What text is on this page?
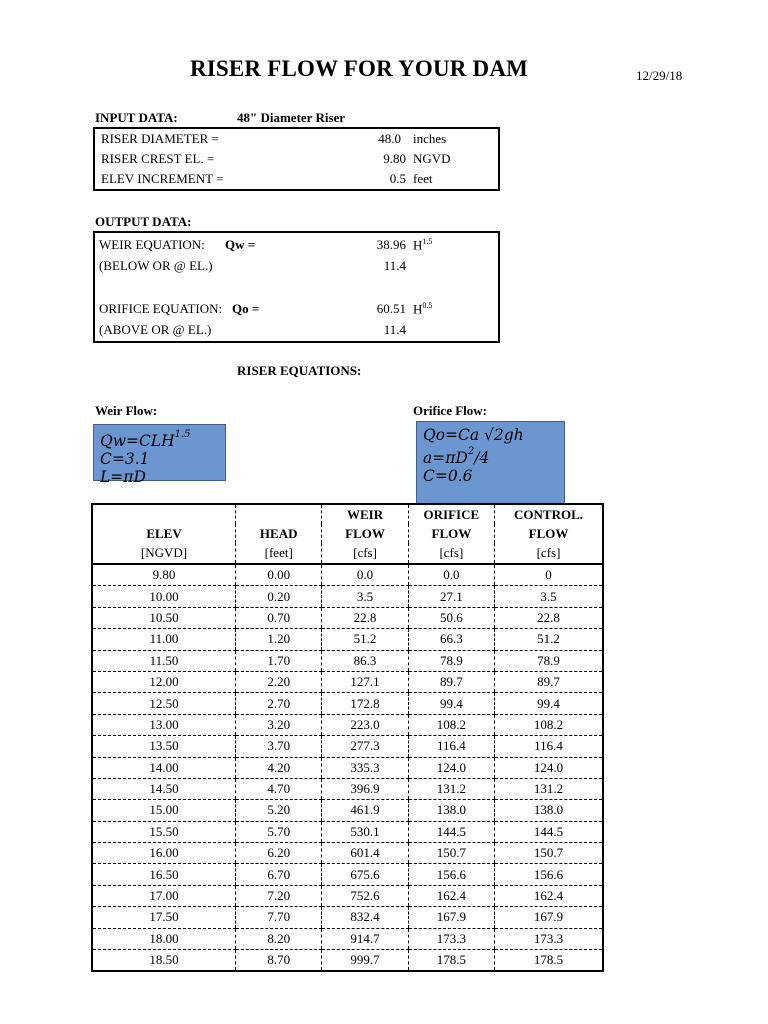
RISER FLOW FOR YOUR DAM	12/29/18
INPUT DATA:	48" Diameter Riser
RISER DIAMETER =	48.0 inches
RISER CREST EL. =	9.80 NGVD
ELEV INCREMENT =	0.5 feet
OUTPUT DATA:
WEIR EQUATION: Qw =	38.96 $H^{1.5}$
(BELOW OR @ EL.)	11.4
ORIFICE EQUATION: Qo =	60.51 $H^{0.5}$
(ABOVE OR @ EL.)	11.4
RISER EQUATIONS:
Weir Flow:	Orifice Flow:
$Qw=CLH^{1.5}$
C=3.1
L=πD
Qo=Ca √2gh
$a=\pi D^2/4$
C=0.6
		WEIR	ORIFICE	CONTROL.
ELEV	HEAD	FLOW	FLOW	FLOW
[NGVD]	[feet]	[cfs]	[cfs]	[cfs]
9.80	0.00	0.0	0.0	0
10.00	0.20	3.5	27.1	3.5
10.50	0.70	22.8	50.6	22.8
11.00	1.20	51.2	66.3	51.2
11.50	1.70	86.3	78.9	78.9
12.00	2.20	127.1	89.7	89.7
12.50	2.70	172.8	99.4	99.4
13.00	3.20	223.0	108.2	108.2
13.50	3.70	277.3	116.4	116.4
14.00	4.20	335.3	124.0	124.0
14.50	4.70	396.9	131.2	131.2
15.00	5.20	461.9	138.0	138.0
15.50	5.70	530.1	144.5	144.5
16.00	6.20	601.4	150.7	150.7
16.50	6.70	675.6	156.6	156.6
17.00	7.20	752.6	162.4	162.4
17.50	7.70	832.4	167.9	167.9
18.00	8.20	914.7	173.3	173.3
18.50	8.70	999.7	178.5	178.5
